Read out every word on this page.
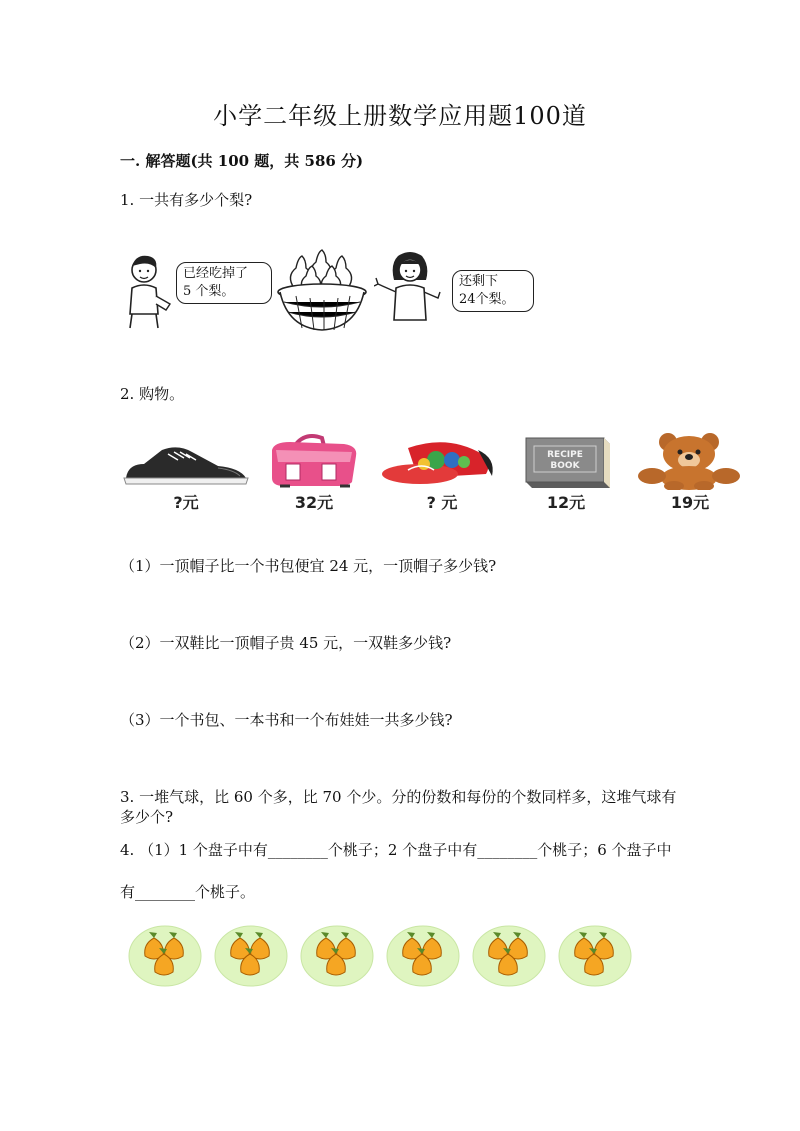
小学二年级上册数学应用题100道
一. 解答题(共 100 题，共 586 分)
1. 一共有多少个梨?
已经吃掉了
5 个梨。
还剩下
24个梨。
2. 购物。
?元	32元	? 元
RECIPE
BOOK
12元	19元
（1）一顶帽子比一个书包便宜 24 元，一顶帽子多少钱?
（2）一双鞋比一顶帽子贵 45 元，一双鞋多少钱?
（3）一个书包、一本书和一个布娃娃一共多少钱?
3. 一堆气球，比 60 个多，比 70 个少。分的份数和每份的个数同样多，这堆气球有多少个?
4. （1）1 个盘子中有________个桃子；2 个盘子中有________个桃子；6 个盘子中有________个桃子。
